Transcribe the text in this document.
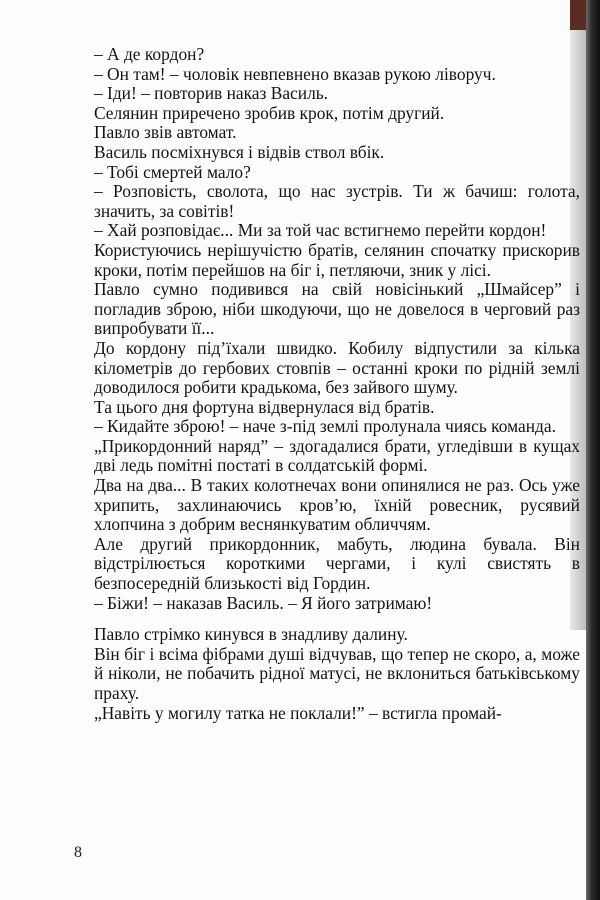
– А де кордон?

– Он там! – чоловік невпевнено вказав рукою ліворуч.

– Іди! – повторив наказ Василь.

Селянин приречено зробив крок, потім другий.

Павло звів автомат.

Василь посміхнувся і відвів ствол вбік.

– Тобі смертей мало?

– Розповість, сволота, що нас зустрів. Ти ж бачиш: голота, значить, за совітів!

– Хай розповідає... Ми за той час встигнемо перейти кордон!

Користуючись нерішучістю братів, селянин спочатку прискорив кроки, потім перейшов на біг і, петляючи, зник у лісі.

Павло сумно подивився на свій новісінький „Шмайсер” і погладив зброю, ніби шкодуючи, що не довелося в черговий раз випробувати її...

До кордону під’їхали швидко. Кобилу відпустили за кілька кілометрів до гербових стовпів – останні кроки по рідній землі доводилося робити крадькома, без зайвого шуму.

Та цього дня фортуна відвернулася від братів.

– Кидайте зброю! – наче з-під землі пролунала чиясь команда.

„Прикордонний наряд” – здогадалися брати, угледівши в кущах дві ледь помітні постаті в солдатській формі.

Два на два... В таких колотнечах вони опинялися не раз. Ось уже хрипить, захлинаючись кров’ю, їхній ровесник, русявий хлопчина з добрим веснянкуватим обличчям.

Але другий прикордонник, мабуть, людина бувала. Він відстрілюється короткими чергами, і кулі свистять в безпосередній близькості від Гордин.

– Біжи! – наказав Василь. – Я його затримаю!

Павло стрімко кинувся в знадливу далину.

Він біг і всіма фібрами душі відчував, що тепер не скоро, а, може й ніколи, не побачить рідної матусі, не вклониться батьківському праху.

„Навіть у могилу татка не поклали!” – встигла промай-

8
